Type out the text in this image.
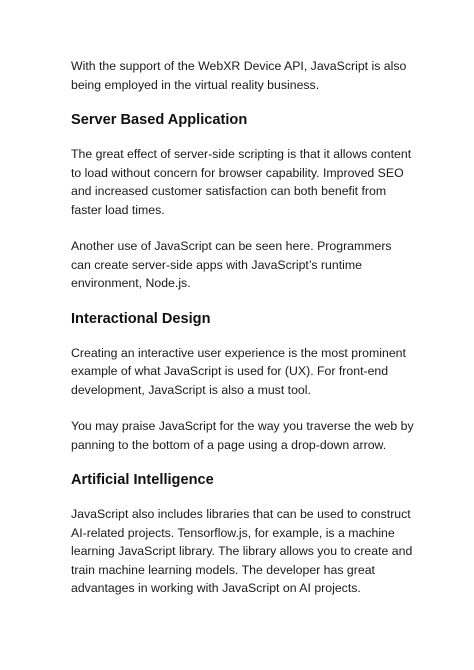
With the support of the WebXR Device API, JavaScript is also being employed in the virtual reality business.

Server Based Application

The great effect of server-side scripting is that it allows content to load without concern for browser capability. Improved SEO and increased customer satisfaction can both benefit from faster load times.

Another use of JavaScript can be seen here. Programmers can create server-side apps with JavaScript’s runtime environment, Node.js.

Interactional Design

Creating an interactive user experience is the most prominent example of what JavaScript is used for (UX). For front-end development, JavaScript is also a must tool.

You may praise JavaScript for the way you traverse the web by panning to the bottom of a page using a drop-down arrow.

Artificial Intelligence

JavaScript also includes libraries that can be used to construct AI-related projects. Tensorflow.js, for example, is a machine learning JavaScript library. The library allows you to create and train machine learning models. The developer has great advantages in working with JavaScript on AI projects.
